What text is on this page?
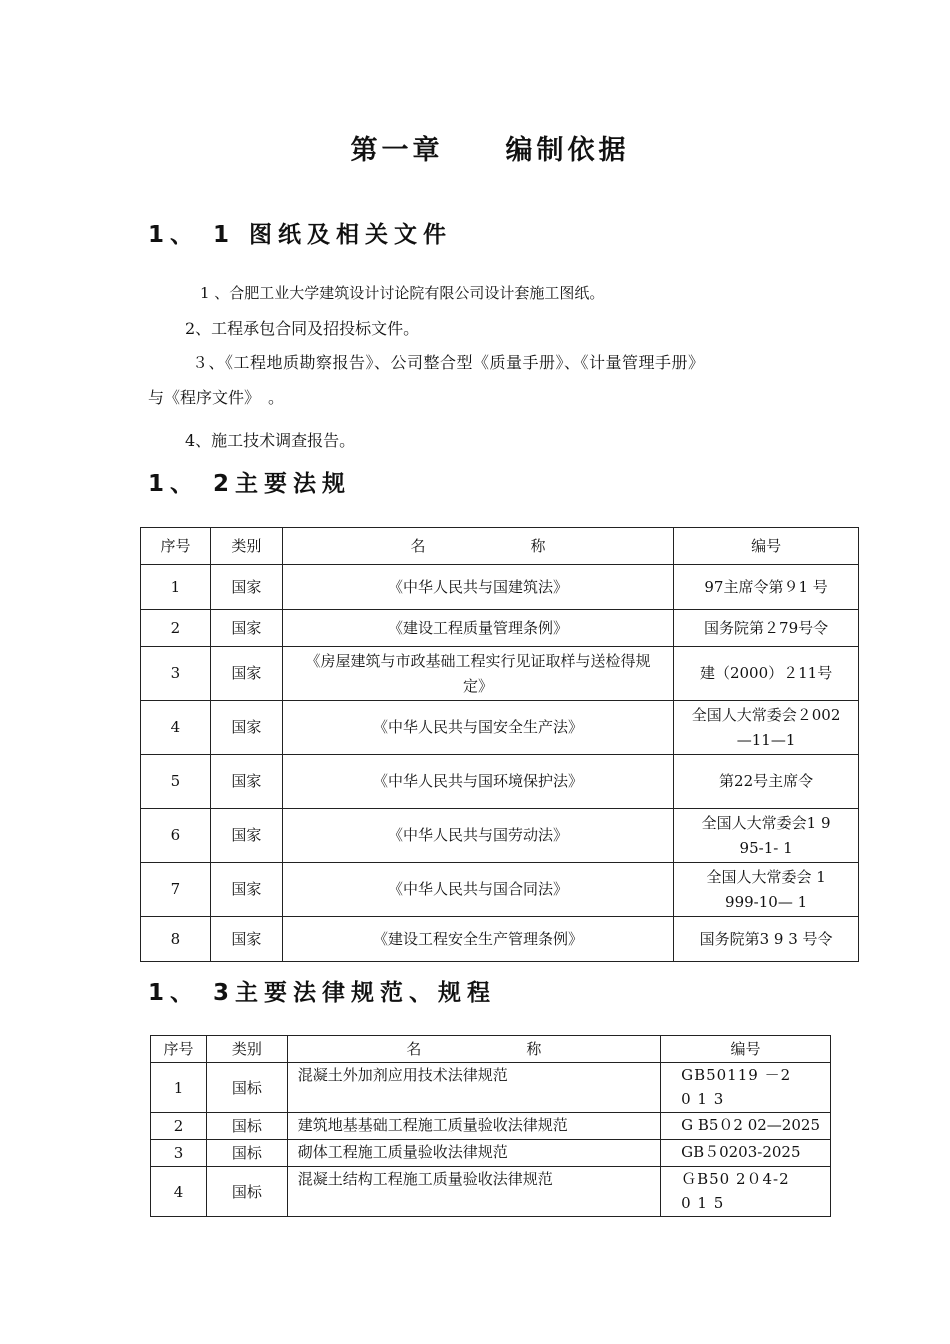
第一章　　编制依据
1、 1 图纸及相关文件
1 、合肥工业大学建筑设计讨论院有限公司设计套施工图纸。
2、工程承包合同及招投标文件。
３、《工程地质勘察报告》、公司整合型《质量手册》、《计量管理手册》
与《程序文件》　。
4、施工技术调查报告。
1、 2主要法规
序号	类别	名　　　　　　　称	编号
1	国家	《中华人民共与国建筑法》	97主席令第９1 号
2	国家	《建设工程质量管理条例》	国务院第２79号令
3	国家	《房屋建筑与市政基础工程实行见证取样与送检得规定》	建（2000）２11号
4	国家	《中华人民共与国安全生产法》	全国人大常委会２002—11—1
5	国家	《中华人民共与国环境保护法》	第22号主席令
6	国家	《中华人民共与国劳动法》	全国人大常委会1 9 95-1- 1
7	国家	《中华人民共与国合同法》	全国人大常委会 1 999-10— 1
8	国家	《建设工程安全生产管理条例》	国务院第3 9 3 号令
1、 3主要法律规范、规程
序号	类别	名　　　　　　　称	编号
1	国标	混凝土外加剂应用技术法律规范	GB50119 －2 0 1 3
2	国标	建筑地基基础工程施工质量验收法律规范	G B5０2 02—2025
3	国标	砌体工程施工质量验收法律规范	GB５0203-2025
4	国标	混凝土结构工程施工质量验收法律规范	ＧB50 2０4-2 0 1 5
